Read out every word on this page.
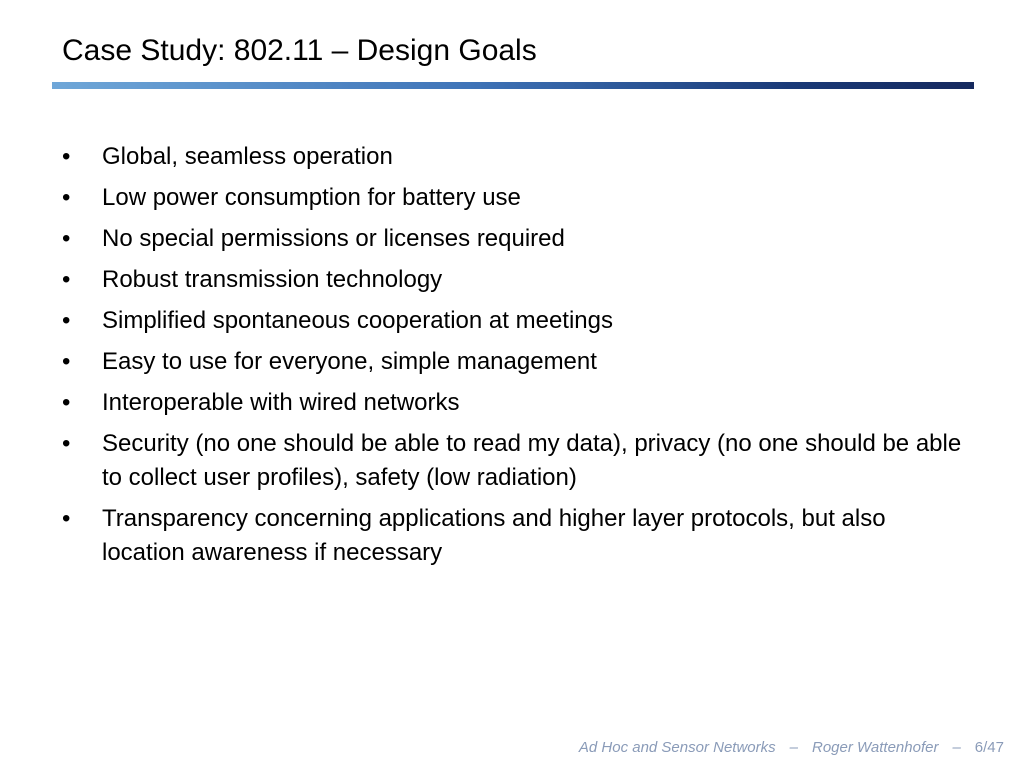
Case Study: 802.11 – Design Goals
•	Global, seamless operation
•	Low power consumption for battery use
•	No special permissions or licenses required
•	Robust transmission technology
•	Simplified spontaneous cooperation at meetings
•	Easy to use for everyone, simple management
•	Interoperable with wired networks
•	Security (no one should be able to read my data), privacy (no one should be able to collect user profiles), safety (low radiation)
•	Transparency concerning applications and higher layer protocols, but also location awareness if necessary
Ad Hoc and Sensor Networks – Roger Wattenhofer – 6/47
